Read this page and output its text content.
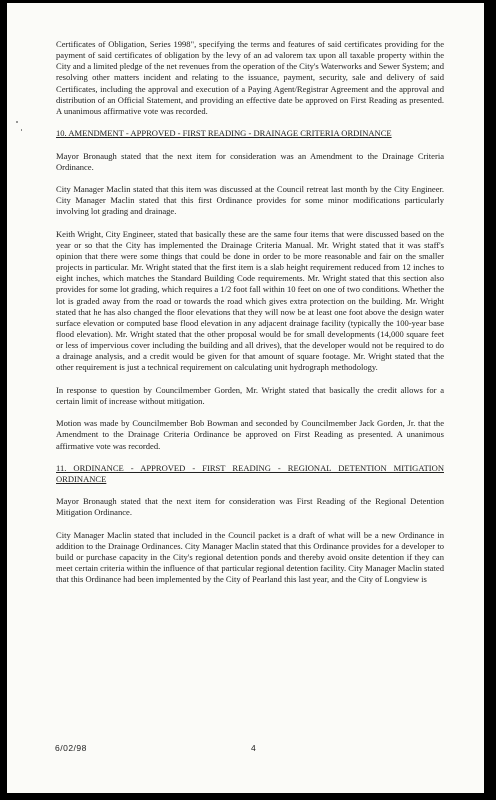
Certificates of Obligation, Series 1998", specifying the terms and features of said certificates providing for the payment of said certificates of obligation by the levy of an ad valorem tax upon all taxable property within the City and a limited pledge of the net revenues from the operation of the City's Waterworks and Sewer System; and resolving other matters incident and relating to the issuance, payment, security, sale and delivery of said Certificates, including the approval and execution of a Paying Agent/Registrar Agreement and the approval and distribution of an Official Statement, and providing an effective date be approved on First Reading as presented. A unanimous affirmative vote was recorded.

10. AMENDMENT - APPROVED - FIRST READING - DRAINAGE CRITERIA ORDINANCE

Mayor Bronaugh stated that the next item for consideration was an Amendment to the Drainage Criteria Ordinance.

City Manager Maclin stated that this item was discussed at the Council retreat last month by the City Engineer. City Manager Maclin stated that this first Ordinance provides for some minor modifications particularly involving lot grading and drainage.

Keith Wright, City Engineer, stated that basically these are the same four items that were discussed based on the year or so that the City has implemented the Drainage Criteria Manual. Mr. Wright stated that it was staff's opinion that there were some things that could be done in order to be more reasonable and fair on the smaller projects in particular. Mr. Wright stated that the first item is a slab height requirement reduced from 12 inches to eight inches, which matches the Standard Building Code requirements. Mr. Wright stated that this section also provides for some lot grading, which requires a 1/2 foot fall within 10 feet on one of two conditions. Whether the lot is graded away from the road or towards the road which gives extra protection on the building. Mr. Wright stated that he has also changed the floor elevations that they will now be at least one foot above the design water surface elevation or computed base flood elevation in any adjacent drainage facility (typically the 100-year base flood elevation). Mr. Wright stated that the other proposal would be for small developments (14,000 square feet or less of impervious cover including the building and all drives), that the developer would not be required to do a drainage analysis, and a credit would be given for that amount of square footage. Mr. Wright stated that the other requirement is just a technical requirement on calculating unit hydrograph methodology.

In response to question by Councilmember Gorden, Mr. Wright stated that basically the credit allows for a certain limit of increase without mitigation.

Motion was made by Councilmember Bob Bowman and seconded by Councilmember Jack Gorden, Jr. that the Amendment to the Drainage Criteria Ordinance be approved on First Reading as presented. A unanimous affirmative vote was recorded.

11. ORDINANCE - APPROVED - FIRST READING - REGIONAL DETENTION MITIGATION ORDINANCE

Mayor Bronaugh stated that the next item for consideration was First Reading of the Regional Detention Mitigation Ordinance.

City Manager Maclin stated that included in the Council packet is a draft of what will be a new Ordinance in addition to the Drainage Ordinances. City Manager Maclin stated that this Ordinance provides for a developer to build or purchase capacity in the City's regional detention ponds and thereby avoid onsite detention if they can meet certain criteria within the influence of that particular regional detention facility. City Manager Maclin stated that this Ordinance had been implemented by the City of Pearland this last year, and the City of Longview is

6/02/98	4
